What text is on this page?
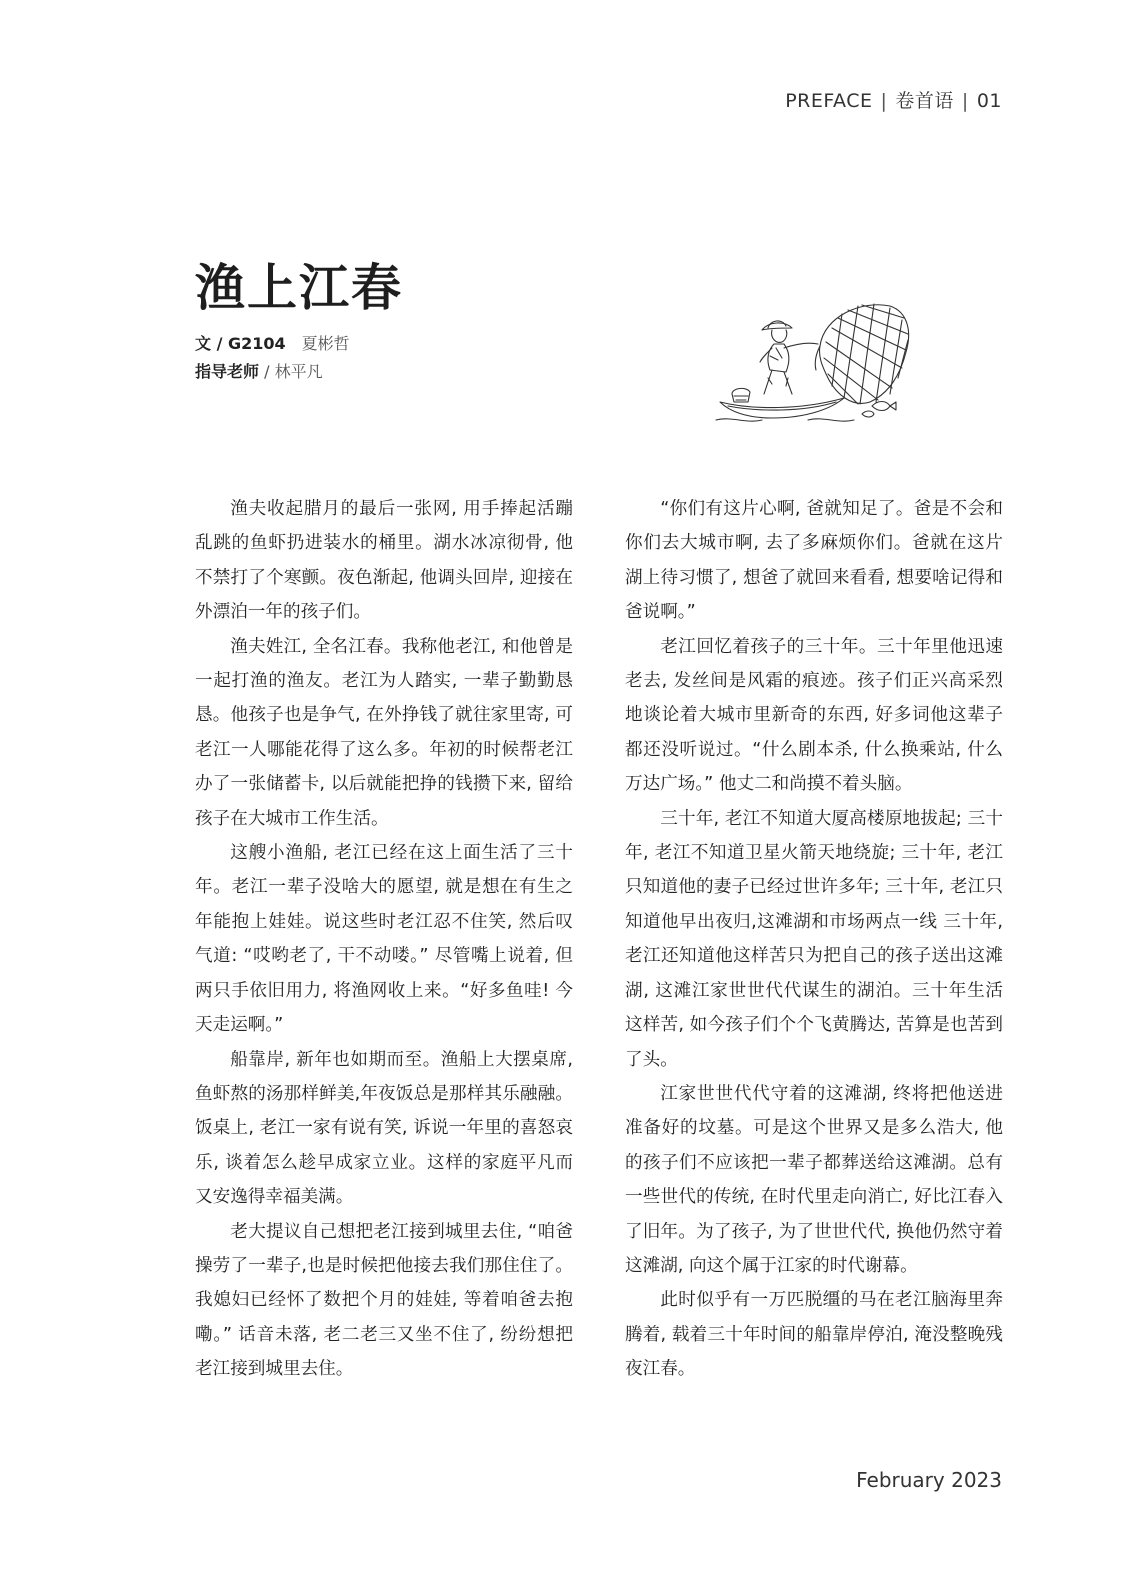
PREFACE | 卷首语 | 01
渔上江春
文 / G2104 夏彬哲
指导老师 / 林平凡

渔夫收起腊月的最后一张网, 用手捧起活蹦乱跳的鱼虾扔进装水的桶里。湖水冰凉彻骨, 他不禁打了个寒颤。夜色渐起, 他调头回岸, 迎接在外漂泊一年的孩子们。

渔夫姓江, 全名江春。我称他老江, 和他曾是一起打渔的渔友。老江为人踏实, 一辈子勤勤恳恳。他孩子也是争气, 在外挣钱了就往家里寄, 可老江一人哪能花得了这么多。年初的时候帮老江办了一张储蓄卡, 以后就能把挣的钱攒下来, 留给孩子在大城市工作生活。

这艘小渔船, 老江已经在这上面生活了三十年。老江一辈子没啥大的愿望, 就是想在有生之年能抱上娃娃。说这些时老江忍不住笑, 然后叹气道: “哎哟老了, 干不动喽。” 尽管嘴上说着, 但两只手依旧用力, 将渔网收上来。“好多鱼哇! 今天走运啊。”

船靠岸, 新年也如期而至。渔船上大摆桌席, 鱼虾熬的汤那样鲜美,年夜饭总是那样其乐融融。饭桌上, 老江一家有说有笑, 诉说一年里的喜怒哀乐, 谈着怎么趁早成家立业。这样的家庭平凡而又安逸得幸福美满。

老大提议自己想把老江接到城里去住, “咱爸操劳了一辈子,也是时候把他接去我们那住住了。我媳妇已经怀了数把个月的娃娃, 等着咱爸去抱嘞。” 话音未落, 老二老三又坐不住了, 纷纷想把老江接到城里去住。

“你们有这片心啊, 爸就知足了。爸是不会和你们去大城市啊, 去了多麻烦你们。爸就在这片湖上待习惯了, 想爸了就回来看看, 想要啥记得和爸说啊。”

老江回忆着孩子的三十年。三十年里他迅速老去, 发丝间是风霜的痕迹。孩子们正兴高采烈地谈论着大城市里新奇的东西, 好多词他这辈子都还没听说过。“什么剧本杀, 什么换乘站, 什么万达广场。” 他丈二和尚摸不着头脑。

三十年, 老江不知道大厦高楼原地拔起; 三十年, 老江不知道卫星火箭天地绕旋; 三十年, 老江只知道他的妻子已经过世许多年; 三十年, 老江只知道他早出夜归,这滩湖和市场两点一线 三十年, 老江还知道他这样苦只为把自己的孩子送出这滩湖, 这滩江家世世代代谋生的湖泊。三十年生活这样苦, 如今孩子们个个飞黄腾达, 苦算是也苦到了头。

江家世世代代守着的这滩湖, 终将把他送进准备好的坟墓。可是这个世界又是多么浩大, 他的孩子们不应该把一辈子都葬送给这滩湖。总有一些世代的传统, 在时代里走向消亡, 好比江春入了旧年。为了孩子, 为了世世代代, 换他仍然守着这滩湖, 向这个属于江家的时代谢幕。

此时似乎有一万匹脱缰的马在老江脑海里奔腾着, 载着三十年时间的船靠岸停泊, 淹没整晚残夜江春。

February 2023
